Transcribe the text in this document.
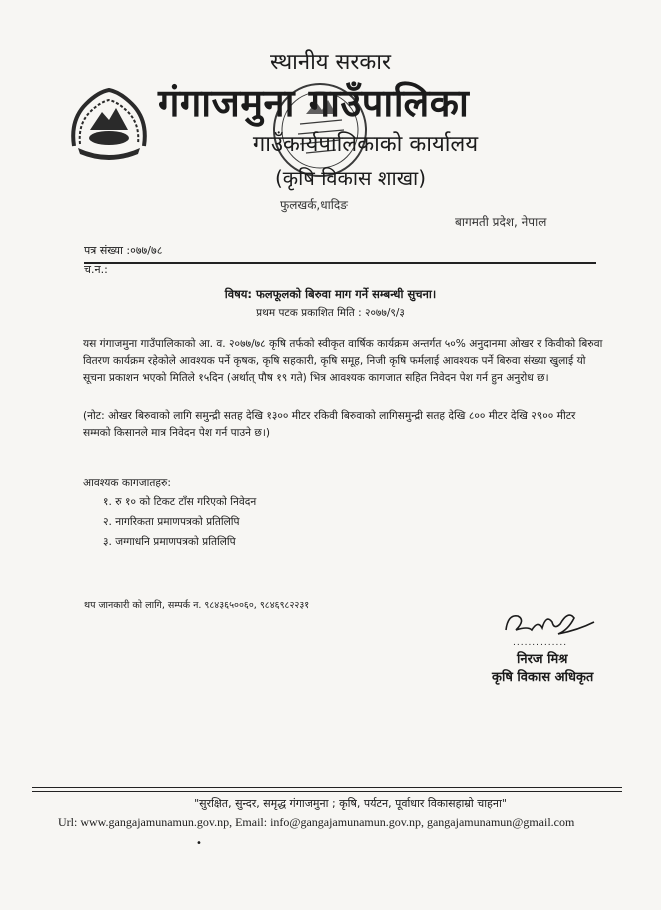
स्थानीय सरकार
गंगाजमुना गाउँपालिका
गाउँकार्यपालिकाको कार्यालय
(कृषि विकास शाखा)
फुलखर्क,धादिङ
बागमती प्रदेश, नेपाल
पत्र संख्या :०७७/७८
च.न.:
विषय: फलफूलको बिरुवा माग गर्ने सम्बन्धी सुचना।
प्रथम पटक प्रकाशित मिति : २०७७/९/३
यस गंगाजमुना गाउँपालिकाको आ. व. २०७७/७८ कृषि तर्फको स्वीकृत वार्षिक कार्यक्रम अन्तर्गत ५०% अनुदानमा ओखर र किवीको बिरुवा वितरण कार्यक्रम रहेकोले आवश्यक पर्ने कृषक, कृषि सहकारी, कृषि समूह, निजी कृषि फर्मलाई आवश्यक पर्ने बिरुवा संख्या खुलाई यो सूचना प्रकाशन भएको मितिले १५दिन (अर्थात् पौष १९ गते) भित्र आवश्यक कागजात सहित निवेदन पेश गर्न हुन अनुरोध छ।
(नोट: ओखर बिरुवाको लागि समुन्द्री सतह देखि १३०० मीटर रकिवी बिरुवाको लागिसमुन्द्री सतह देखि ८०० मीटर देखि २९०० मीटर सम्मको किसानले मात्र निवेदन पेश गर्न पाउने छ।)
आवश्यक कागजातहरु:
१. रु १० को टिकट टाँस गरिएको निवेदन
२. नागरिकता प्रमाणपत्रको प्रतिलिपि
३. जग्गाधनि प्रमाणपत्रको प्रतिलिपि
थप जानकारी को लागि, सम्पर्क न. ९८४३६५००६०, ९८४६९८२२३१
..............
निरज मिश्र
कृषि विकास अधिकृत
"सुरक्षित, सुन्दर, समृद्ध गंगाजमुना ; कृषि, पर्यटन, पूर्वाधार विकासहाम्रो चाहना"
Url: www.gangajamunamun.gov.np, Email: info@gangajamunamun.gov.np, gangajamunamun@gmail.com
•
